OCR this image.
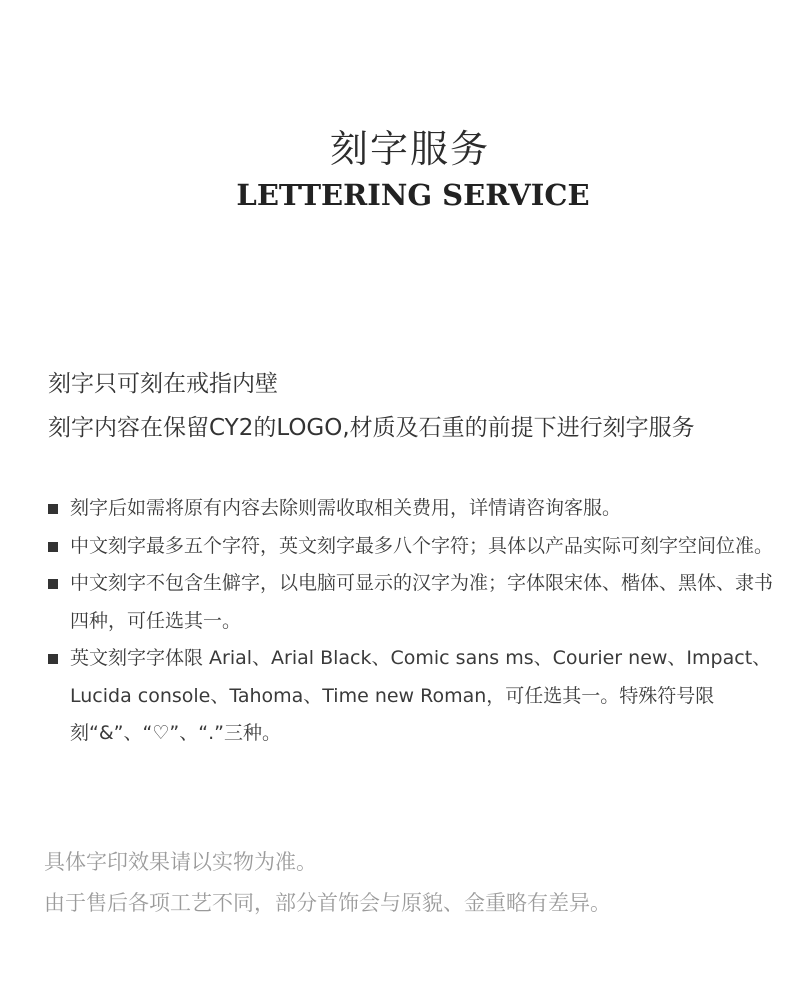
刻字服务
LETTERING SERVICE
刻字只可刻在戒指内壁
刻字内容在保留CY2的LOGO,材质及石重的前提下进行刻字服务
刻字后如需将原有内容去除则需收取相关费用，详情请咨询客服。
中文刻字最多五个字符，英文刻字最多八个字符；具体以产品实际可刻字空间位准。
中文刻字不包含生僻字，以电脑可显示的汉字为准；字体限宋体、楷体、黑体、隶书四种，可任选其一。
英文刻字字体限 Arial、Arial Black、Comic sans ms、Courier new、Impact、Lucida console、Tahoma、Time new Roman，可任选其一。特殊符号限刻“&”、“♡”、“.”三种。
具体字印效果请以实物为准。
由于售后各项工艺不同，部分首饰会与原貌、金重略有差异。
